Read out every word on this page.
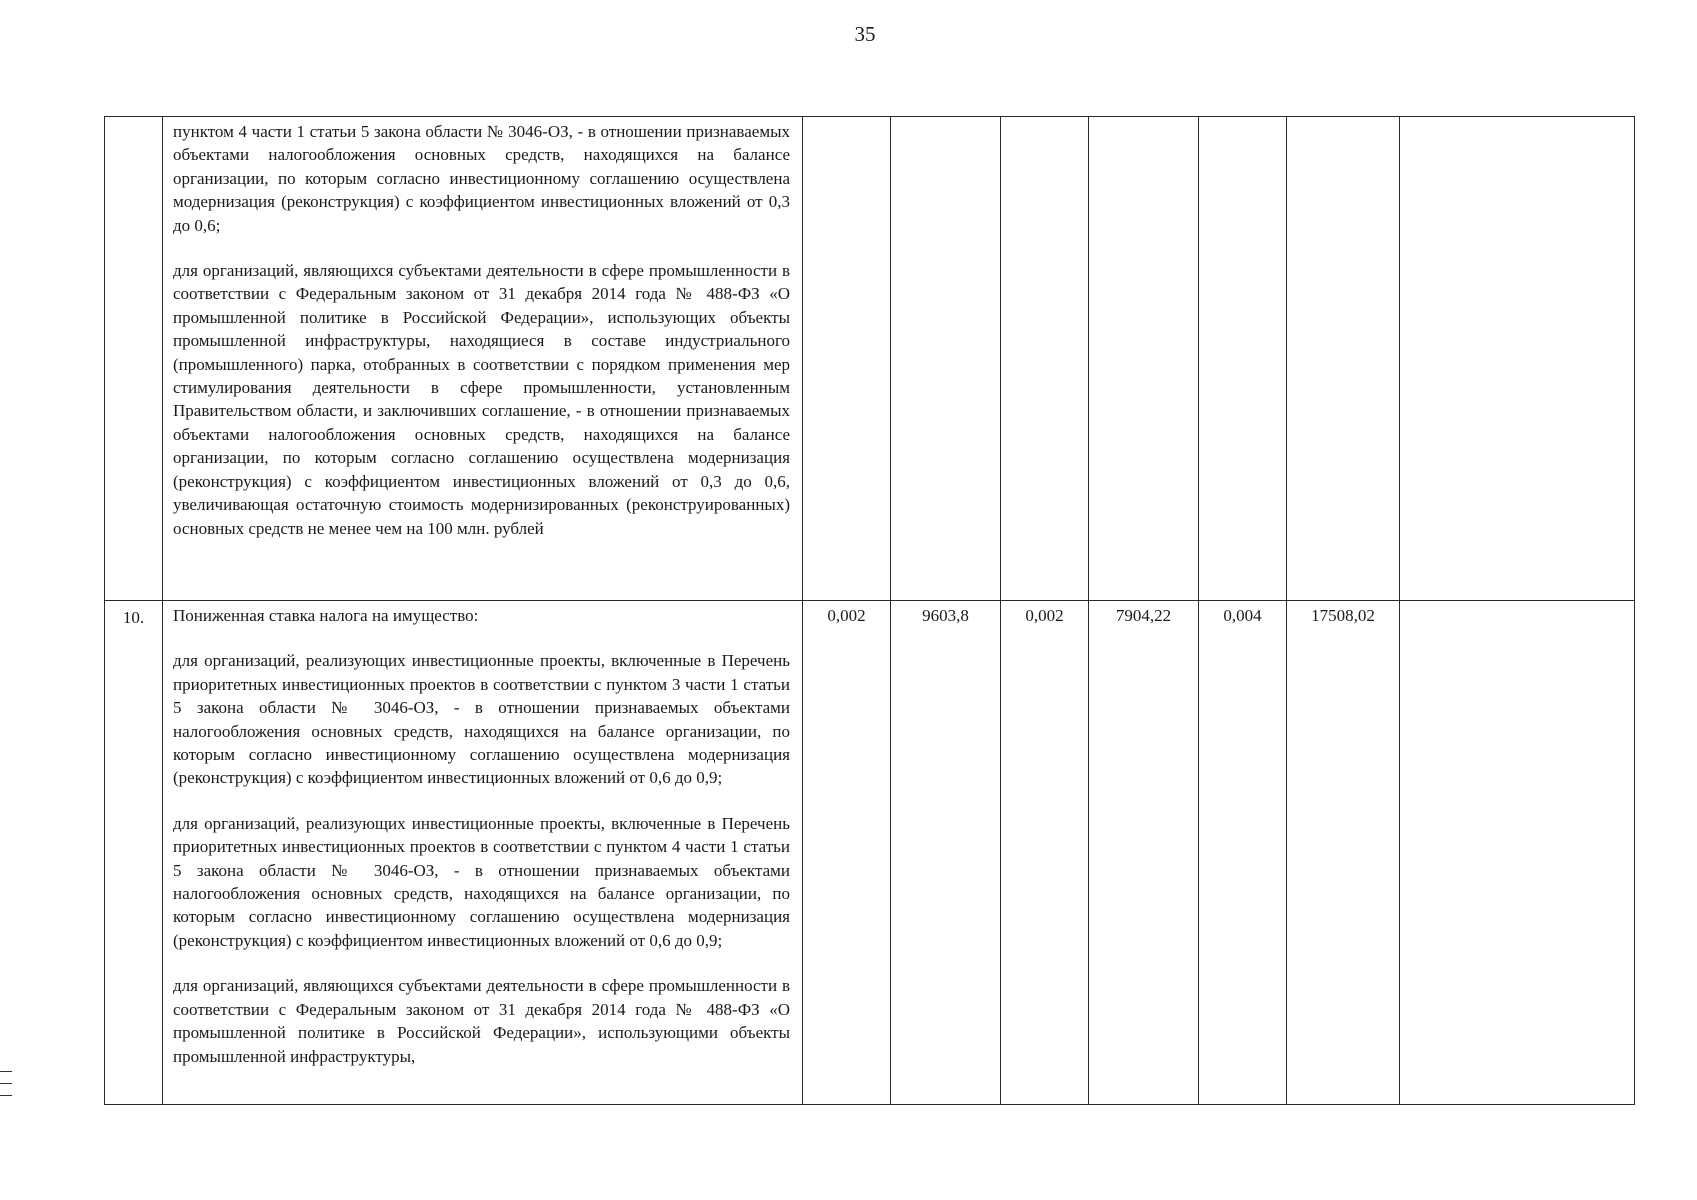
35

	пунктом 4 части 1 статьи 5 закона области № 3046-ОЗ, - в отношении признаваемых объектами налогообложения основных средств, находящихся на балансе организации, по которым согласно инвестиционному соглашению осуществлена модернизация (реконструкция) с коэффициентом инвестиционных вложений от 0,3 до 0,6;

для организаций, являющихся субъектами деятельности в сфере промышленности в соответствии с Федеральным законом от 31 декабря 2014 года № 488-ФЗ «О промышленной политике в Российской Федерации», использующих объекты промышленной инфраструктуры, находящиеся в составе индустриального (промышленного) парка, отобранных в соответствии с порядком применения мер стимулирования деятельности в сфере промышленности, установленным Правительством области, и заключивших соглашение, - в отношении признаваемых объектами налогообложения основных средств, находящихся на балансе организации, по которым согласно соглашению осуществлена модернизация (реконструкция) с коэффициентом инвестиционных вложений от 0,3 до 0,6, увеличивающая остаточную стоимость модернизированных (реконструированных) основных средств не менее чем на 100 млн. рублей							

10.	Пониженная ставка налога на имущество:

для организаций, реализующих инвестиционные проекты, включенные в Перечень приоритетных инвестиционных проектов в соответствии с пунктом 3 части 1 статьи 5 закона области № 3046-ОЗ, - в отношении признаваемых объектами налогообложения основных средств, находящихся на балансе организации, по которым согласно инвестиционному соглашению осуществлена модернизация (реконструкция) с коэффициентом инвестиционных вложений от 0,6 до 0,9;

для организаций, реализующих инвестиционные проекты, включенные в Перечень приоритетных инвестиционных проектов в соответствии с пунктом 4 части 1 статьи 5 закона области № 3046-ОЗ, - в отношении признаваемых объектами налогообложения основных средств, находящихся на балансе организации, по которым согласно инвестиционному соглашению осуществлена модернизация (реконструкция) с коэффициентом инвестиционных вложений от 0,6 до 0,9;

для организаций, являющихся субъектами деятельности в сфере промышленности в соответствии с Федеральным законом от 31 декабря 2014 года № 488-ФЗ «О промышленной политике в Российской Федерации», использующими объекты промышленной инфраструктуры,	0,002	9603,8	0,002	7904,22	0,004	17508,02	
